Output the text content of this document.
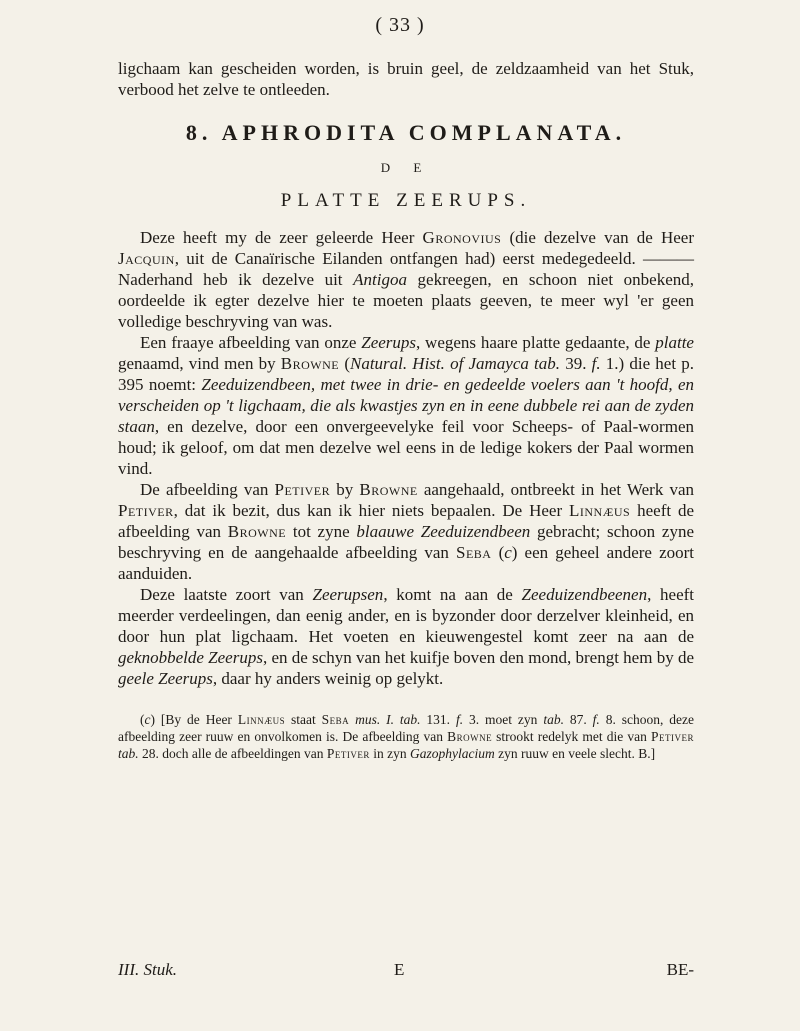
( 33 )

ligchaam kan gescheiden worden, is bruin geel, de zeldzaamheid van het Stuk, verbood het zelve te ontleeden.

8. APHRODITA COMPLANATA.

D E

PLATTE ZEERUPS.

Deze heeft my de zeer geleerde Heer Gronovius (die dezelve van de Heer Jacquin, uit de Canaïrische Eilanden ontfangen had) eerst medegedeeld. ——— Naderhand heb ik dezelve uit Antigoa gekreegen, en schoon niet onbekend, oordeelde ik egter dezelve hier te moeten plaats geeven, te meer wyl 'er geen volledige beschryving van was.

Een fraaye afbeelding van onze Zeerups, wegens haare platte gedaante, de platte genaamd, vind men by Browne (Natural. Hist. of Jamayca tab. 39. f. 1.) die het p. 395 noemt: Zeeduizendbeen, met twee in drie- en gedeelde voelers aan 't hoofd, en verscheiden op 't ligchaam, die als kwastjes zyn en in eene dubbele rei aan de zyden staan, en dezelve, door een onvergeevelyke feil voor Scheeps- of Paal-wormen houd; ik geloof, om dat men dezelve wel eens in de ledige kokers der Paal wormen vind.

De afbeelding van Petiver by Browne aangehaald, ontbreekt in het Werk van Petiver, dat ik bezit, dus kan ik hier niets bepaalen. De Heer Linnæus heeft de afbeelding van Browne tot zyne blaauwe Zeeduizendbeen gebracht; schoon zyne beschryving en de aangehaalde afbeelding van Seba (c) een geheel andere zoort aanduiden.

Deze laatste zoort van Zeerupsen, komt na aan de Zeeduizendbeenen, heeft meerder verdeelingen, dan eenig ander, en is byzonder door derzelver kleinheid, en door hun plat ligchaam. Het voeten en kieuwengestel komt zeer na aan de geknobbelde Zeerups, en de schyn van het kuifje boven den mond, brengt hem by de geele Zeerups, daar hy anders weinig op gelykt.

(c) [By de Heer Linnæus staat Seba mus. I. tab. 131. f. 3. moet zyn tab. 87. f. 8. schoon, deze afbeelding zeer ruuw en onvolkomen is. De afbeelding van Browne strookt redelyk met die van Petiver tab. 28. doch alle de afbeeldingen van Petiver in zyn Gazophylacium zyn ruuw en veele slecht. B.]

III. Stuk.	E	BE-
